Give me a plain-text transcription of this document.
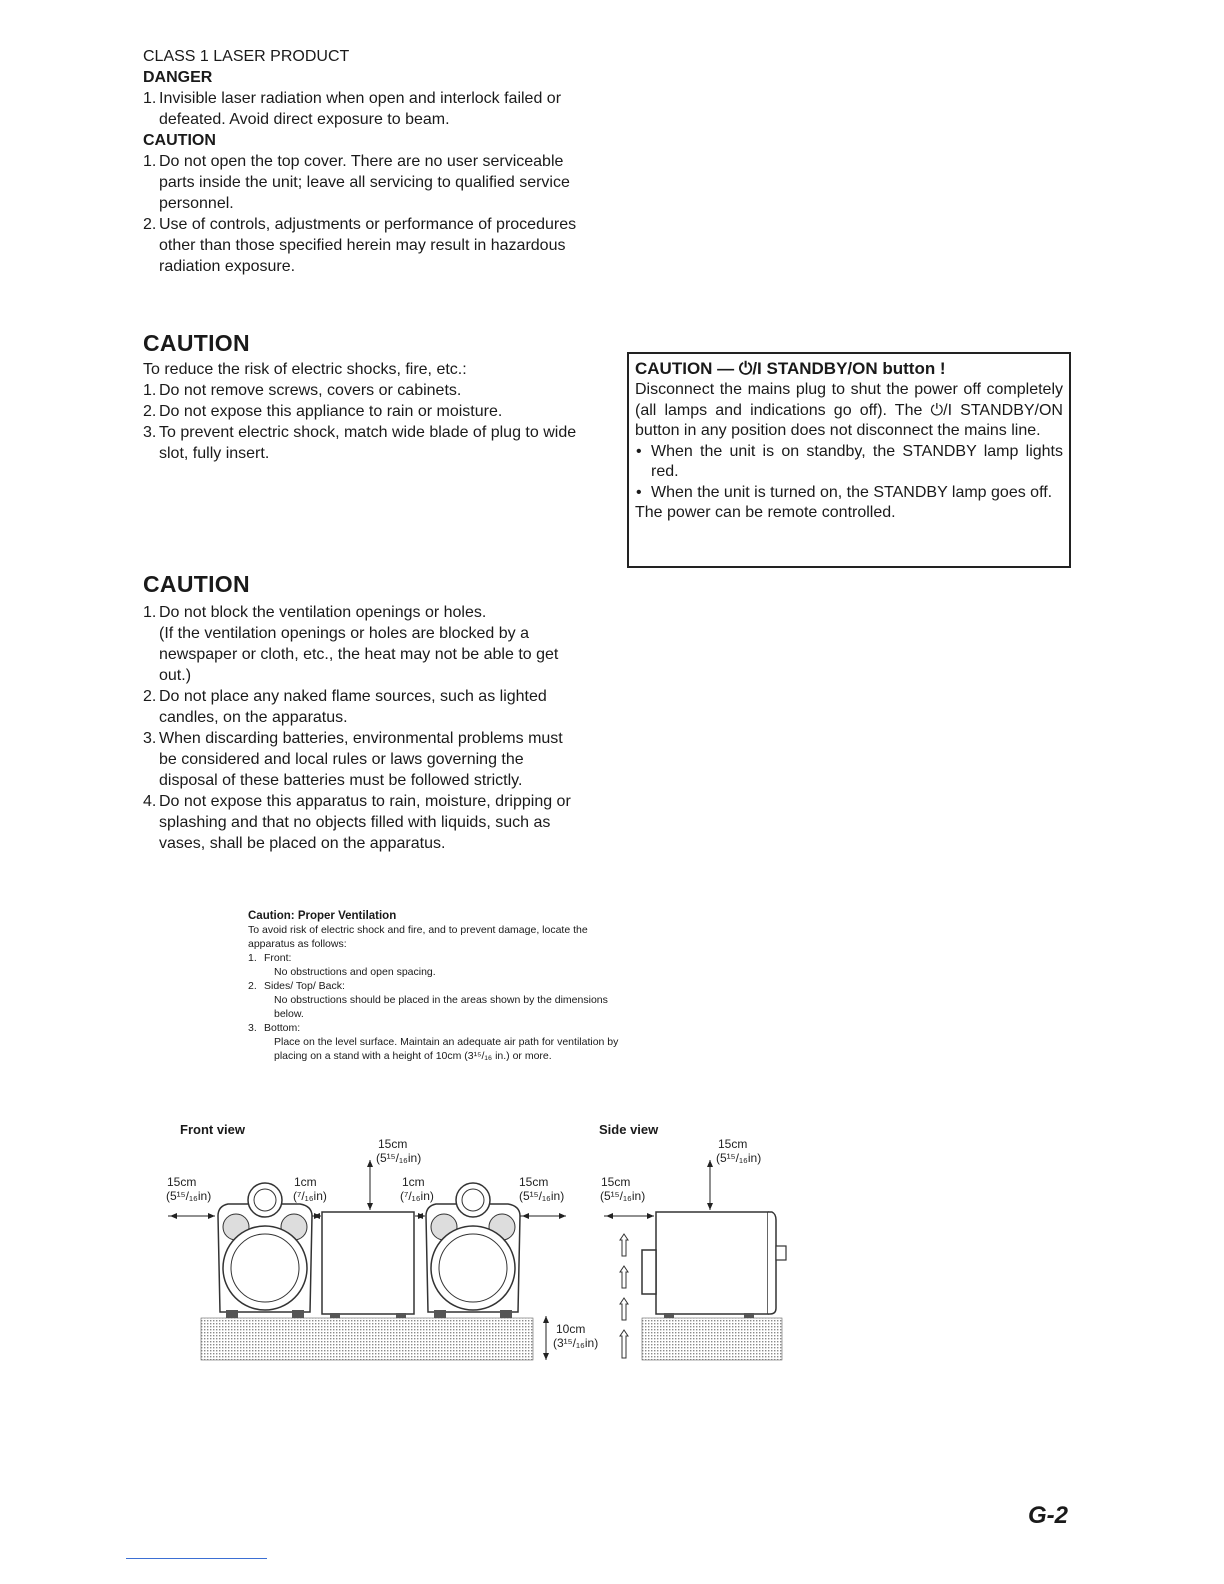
CLASS 1 LASER PRODUCT
DANGER
1. Invisible laser radiation when open and interlock failed or defeated. Avoid direct exposure to beam.
CAUTION
1. Do not open the top cover. There are no user serviceable parts inside the unit; leave all servicing to qualified service personnel.
2. Use of controls, adjustments or performance of procedures other than those specified herein may result in hazardous radiation exposure.
CAUTION
To reduce the risk of electric shocks, fire, etc.:
1. Do not remove screws, covers or cabinets.
2. Do not expose this appliance to rain or moisture.
3. To prevent electric shock, match wide blade of plug to wide slot, fully insert.
CAUTION — ⏻/I STANDBY/ON button !
Disconnect the mains plug to shut the power off completely (all lamps and indications go off). The ⏻/I STANDBY/ON button in any position does not disconnect the mains line.
• When the unit is on standby, the STANDBY lamp lights red.
• When the unit is turned on, the STANDBY lamp goes off.
The power can be remote controlled.
CAUTION
1. Do not block the ventilation openings or holes.
(If the ventilation openings or holes are blocked by a newspaper or cloth, etc., the heat may not be able to get out.)
2. Do not place any naked flame sources, such as lighted candles, on the apparatus.
3. When discarding batteries, environmental problems must be considered and local rules or laws governing the disposal of these batteries must be followed strictly.
4. Do not expose this apparatus to rain, moisture, dripping or splashing and that no objects filled with liquids, such as vases, shall be placed on the apparatus.
Caution: Proper Ventilation
To avoid risk of electric shock and fire, and to prevent damage, locate the apparatus as follows:
1. Front:
No obstructions and open spacing.
2. Sides/ Top/ Back:
No obstructions should be placed in the areas shown by the dimensions below.
3. Bottom:
Place on the level surface. Maintain an adequate air path for ventilation by placing on a stand with a height of 10cm (3¹⁵/₁₆ in.) or more.
Front view	Side view
15cm
(5¹⁵/₁₆in)
15cm
(5¹⁵/₁₆in)
1cm
(⁷/₁₆in)
1cm
(⁷/₁₆in)
15cm
(5¹⁵/₁₆in)
10cm
(3¹⁵/₁₆in)
15cm
(5¹⁵/₁₆in)
15cm
(5¹⁵/₁₆in)
G-2
